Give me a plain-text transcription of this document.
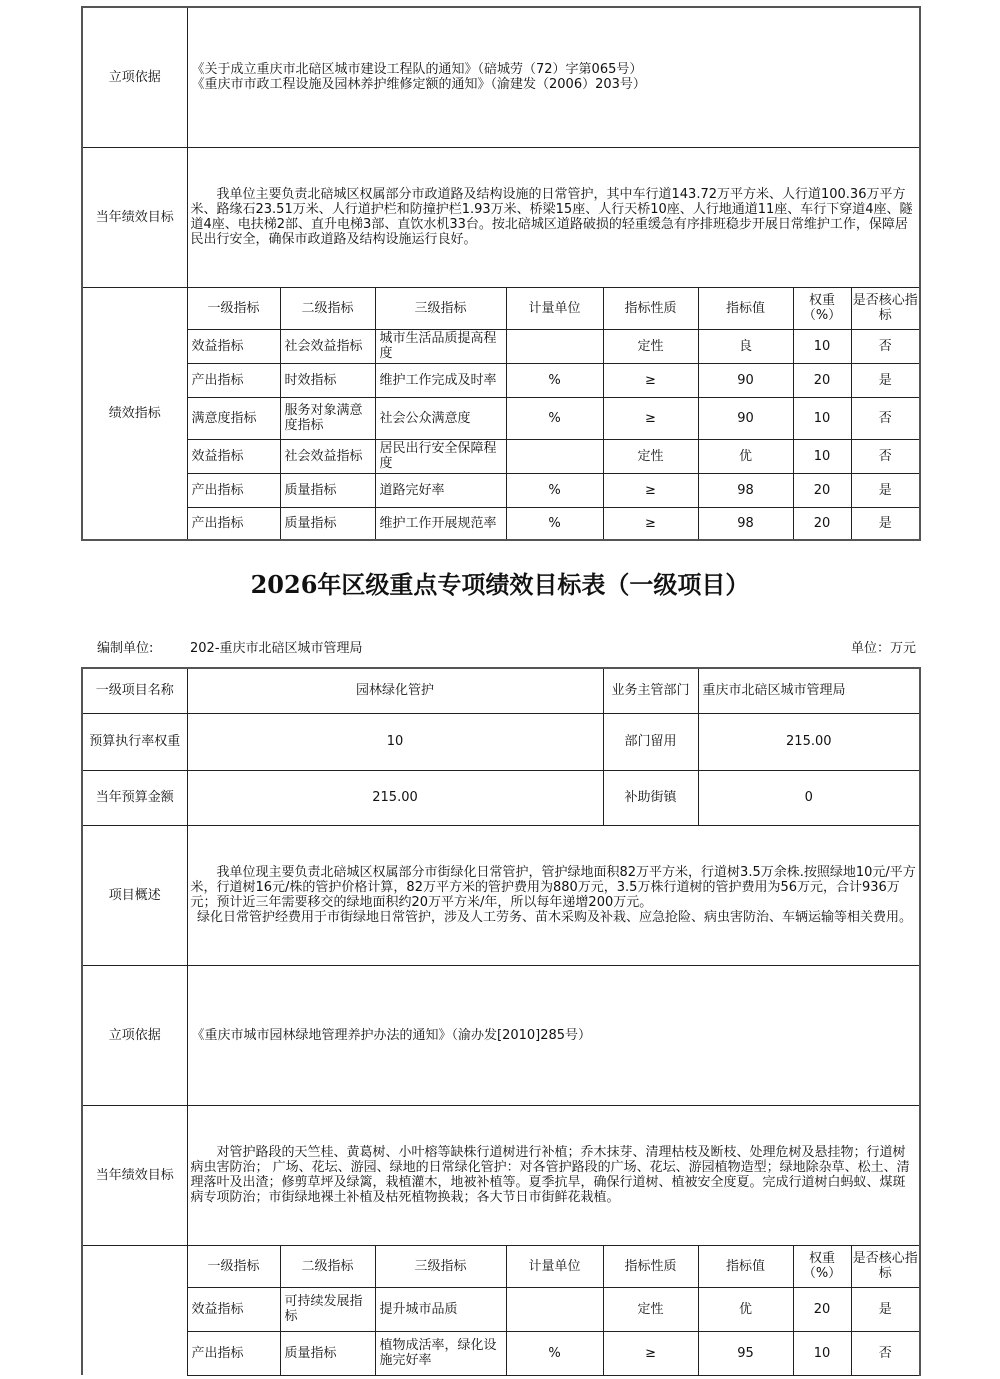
立项依据	《关于成立重庆市北碚区城市建设工程队的通知》（碚城劳（72）字第065号）
《重庆市市政工程设施及园林养护维修定额的通知》（渝建发（2006）203号）							

当年绩效目标	我单位主要负责北碚城区权属部分市政道路及结构设施的日常管护，其中车行道143.72万平方米、人行道100.36万平方米、路缘石23.51万米、人行道护栏和防撞护栏1.93万米、桥梁15座、人行天桥10座、人行地通道11座、车行下穿道4座、隧道4座、电扶梯2部、直升电梯3部、直饮水机33台。按北碚城区道路破损的轻重缓急有序排班稳步开展日常维护工作，保障居民出行安全，确保市政道路及结构设施运行良好。							
绩效指标	一级指标	二级指标	三级指标	计量单位	指标性质	指标值	权重（%）	是否核心指标
	效益指标	社会效益指标	城市生活品质提高程度		定性	良	10	否
	产出指标	时效指标	维护工作完成及时率	%	≥	90	20	是
	满意度指标	服务对象满意度指标	社会公众满意度	%	≥	90	10	否
	效益指标	社会效益指标	居民出行安全保障程度		定性	优	10	否
	产出指标	质量指标	道路完好率	%	≥	98	20	是
	产出指标	质量指标	维护工作开展规范率	%	≥	98	20	是
2026年区级重点专项绩效目标表（一级项目）
编制单位:	202-重庆市北碚区城市管理局	单位：万元
一级项目名称	园林绿化管护				业务主管部门	重庆市北碚区城市管理局		
预算执行率权重	10				部门留用	215.00		
当年预算金额	215.00				补助街镇	0		
项目概述	我单位现主要负责北碚城区权属部分市街绿化日常管护，管护绿地面积82万平方米，行道树3.5万余株.按照绿地10元/平方米，行道树16元/株的管护价格计算，82万平方米的管护费用为880万元，3.5万株行道树的管护费用为56万元，合计936万元；预计近三年需要移交的绿地面积约20万平方米/年，所以每年递增200万元。
绿化日常管护经费用于市街绿地日常管护，涉及人工劳务、苗木采购及补栽、应急抢险、病虫害防治、车辆运输等相关费用。							

立项依据	《重庆市城市园林绿地管理养护办法的通知》（渝办发[2010]285号）							
当年绩效目标	对管护路段的天竺桂、黄葛树、小叶榕等缺株行道树进行补植；乔木抹芽、清理枯枝及断枝、处理危树及悬挂物；行道树病虫害防治； 广场、花坛、游园、绿地的日常绿化管护：对各管护路段的广场、花坛、游园植物造型；绿地除杂草、松土、清理落叶及出渣；修剪草坪及绿篱，栽植灌木，地被补植等。夏季抗旱，确保行道树、植被安全度夏。完成行道树白蚂蚁、煤斑病专项防治；市街绿地裸土补植及枯死植物换栽；各大节日市街鲜花栽植。							
	一级指标	二级指标	三级指标	计量单位	指标性质	指标值	权重（%）	是否核心指标
	效益指标	可持续发展指标	提升城市品质		定性	优	20	是
	产出指标	质量指标	植物成活率，绿化设施完好率	%	≥	95	10	否
